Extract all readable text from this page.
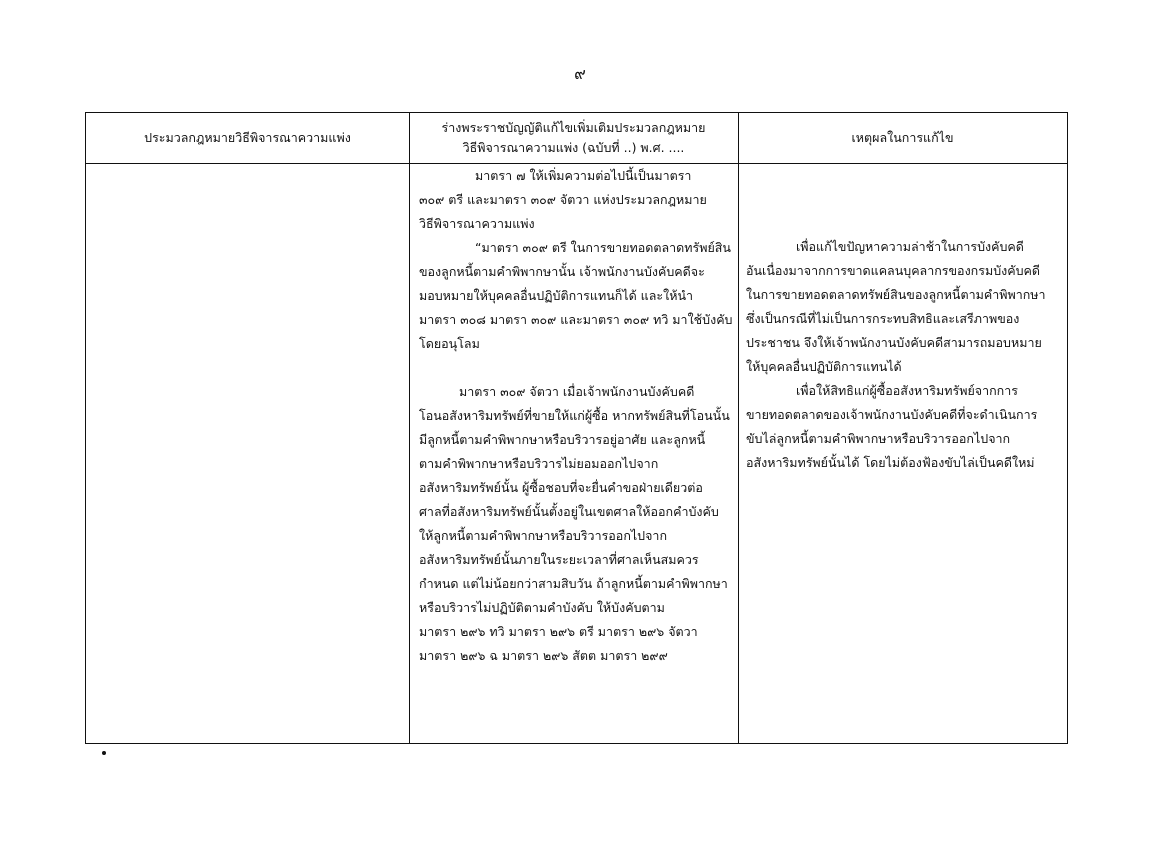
๙
ประมวลกฎหมายวิธีพิจารณาความแพ่ง
ร่างพระราชบัญญัติแก้ไขเพิ่มเติมประมวลกฎหมาย
วิธีพิจารณาความแพ่ง (ฉบับที่ ..) พ.ศ. ....
เหตุผลในการแก้ไข
มาตรา ๗ ให้เพิ่มความต่อไปนี้เป็นมาตรา
๓๐๙ ตรี และมาตรา ๓๐๙ จัตวา แห่งประมวลกฎหมาย
วิธีพิจารณาความแพ่ง
“มาตรา ๓๐๙ ตรี ในการขายทอดตลาดทรัพย์สิน
ของลูกหนี้ตามคำพิพากษานั้น เจ้าพนักงานบังคับคดีจะ
มอบหมายให้บุคคลอื่นปฏิบัติการแทนก็ได้ และให้นำ
มาตรา ๓๐๘ มาตรา ๓๐๙ และมาตรา ๓๐๙ ทวิ มาใช้บังคับ
โดยอนุโลม
มาตรา ๓๐๙ จัตวา เมื่อเจ้าพนักงานบังคับคดี
โอนอสังหาริมทรัพย์ที่ขายให้แก่ผู้ซื้อ หากทรัพย์สินที่โอนนั้น
มีลูกหนี้ตามคำพิพากษาหรือบริวารอยู่อาศัย และลูกหนี้
ตามคำพิพากษาหรือบริวารไม่ยอมออกไปจาก
อสังหาริมทรัพย์นั้น ผู้ซื้อชอบที่จะยื่นคำขอฝ่ายเดียวต่อ
ศาลที่อสังหาริมทรัพย์นั้นตั้งอยู่ในเขตศาลให้ออกคำบังคับ
ให้ลูกหนี้ตามคำพิพากษาหรือบริวารออกไปจาก
อสังหาริมทรัพย์นั้นภายในระยะเวลาที่ศาลเห็นสมควร
กำหนด แต่ไม่น้อยกว่าสามสิบวัน ถ้าลูกหนี้ตามคำพิพากษา
หรือบริวารไม่ปฏิบัติตามคำบังคับ ให้บังคับตาม
มาตรา ๒๙๖ ทวิ มาตรา ๒๙๖ ตรี มาตรา ๒๙๖ จัตวา
มาตรา ๒๙๖ ฉ มาตรา ๒๙๖ สัตต มาตรา ๒๙๙
เพื่อแก้ไขปัญหาความล่าช้าในการบังคับคดี
อันเนื่องมาจากการขาดแคลนบุคลากรของกรมบังคับคดี
ในการขายทอดตลาดทรัพย์สินของลูกหนี้ตามคำพิพากษา
ซึ่งเป็นกรณีที่ไม่เป็นการกระทบสิทธิและเสรีภาพของ
ประชาชน จึงให้เจ้าพนักงานบังคับคดีสามารถมอบหมาย
ให้บุคคลอื่นปฏิบัติการแทนได้
เพื่อให้สิทธิแก่ผู้ซื้ออสังหาริมทรัพย์จากการ
ขายทอดตลาดของเจ้าพนักงานบังคับคดีที่จะดำเนินการ
ขับไล่ลูกหนี้ตามคำพิพากษาหรือบริวารออกไปจาก
อสังหาริมทรัพย์นั้นได้ โดยไม่ต้องฟ้องขับไล่เป็นคดีใหม่
